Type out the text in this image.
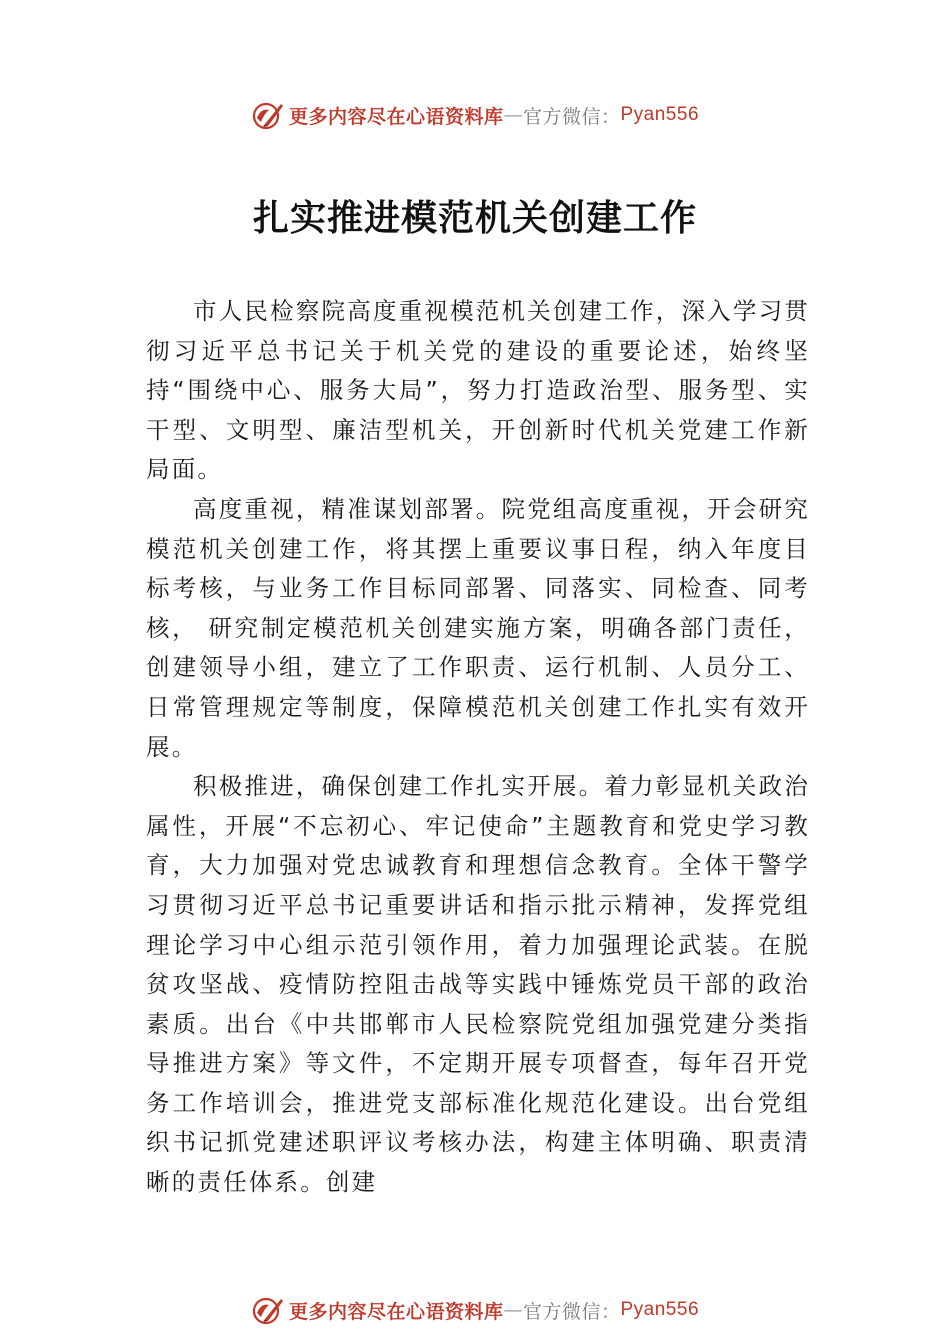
更多内容尽在心语资料库 — 官方微信： Pyan556
扎实推进模范机关创建工作

市人民检察院高度重视模范机关创建工作，深入学习贯彻习近平总书记关于机关党的建设的重要论述，始终坚持“围绕中心、服务大局”，努力打造政治型、服务型、实干型、文明型、廉洁型机关，开创新时代机关党建工作新局面。

高度重视，精准谋划部署。院党组高度重视，开会研究模范机关创建工作，将其摆上重要议事日程，纳入年度目标考核，与业务工作目标同部署、同落实、同检查、同考核， 研究制定模范机关创建实施方案，明确各部门责任，创建领导小组，建立了工作职责、运行机制、人员分工、日常管理规定等制度，保障模范机关创建工作扎实有效开展。

积极推进，确保创建工作扎实开展。着力彰显机关政治属性，开展“不忘初心、牢记使命”主题教育和党史学习教育，大力加强对党忠诚教育和理想信念教育。全体干警学习贯彻习近平总书记重要讲话和指示批示精神，发挥党组理论学习中心组示范引领作用，着力加强理论武装。在脱贫攻坚战、疫情防控阻击战等实践中锤炼党员干部的政治素质。出台《中共邯郸市人民检察院党组加强党建分类指导推进方案》等文件，不定期开展专项督查，每年召开党务工作培训会，推进党支部标准化规范化建设。出台党组织书记抓党建述职评议考核办法，构建主体明确、职责清晰的责任体系。创建

更多内容尽在心语资料库 — 官方微信： Pyan556
